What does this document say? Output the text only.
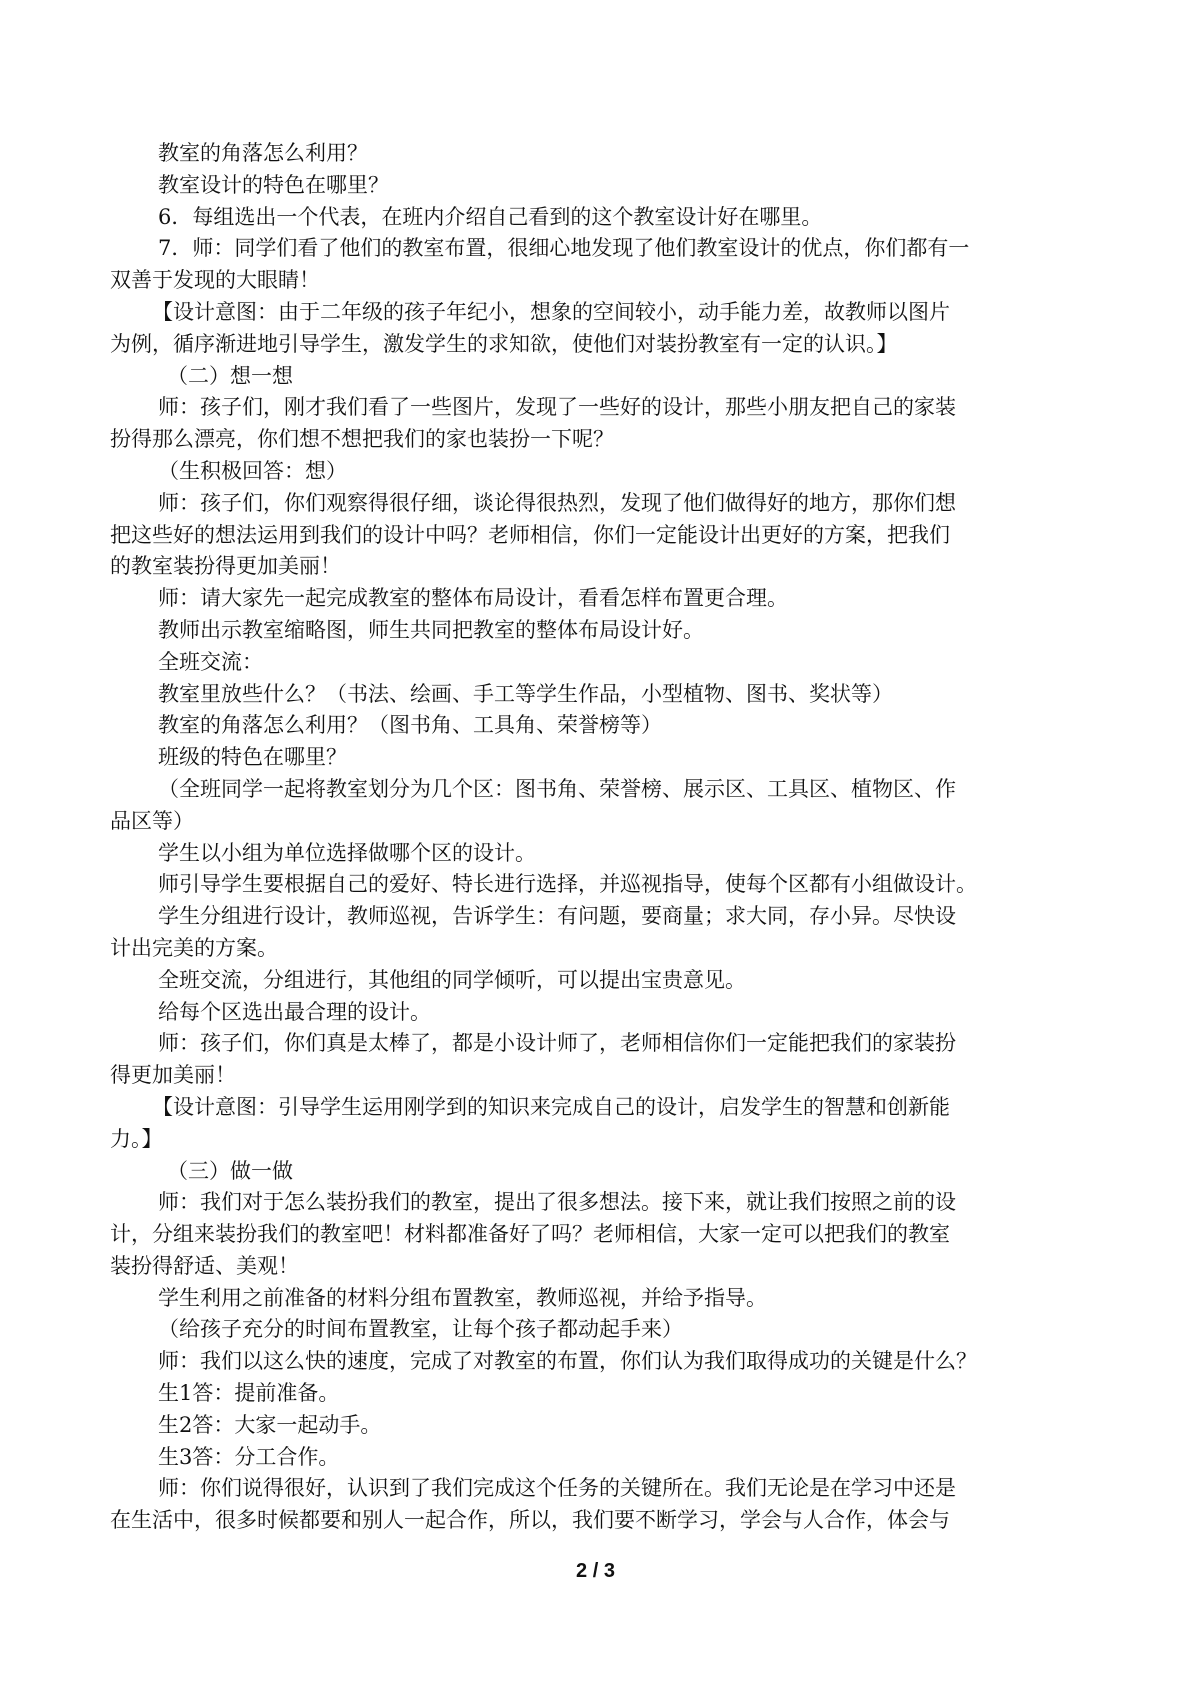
教室的角落怎么利用？
教室设计的特色在哪里？
6．每组选出一个代表，在班内介绍自己看到的这个教室设计好在哪里。
7．师：同学们看了他们的教室布置，很细心地发现了他们教室设计的优点，你们都有一
双善于发现的大眼睛！
【设计意图：由于二年级的孩子年纪小，想象的空间较小，动手能力差，故教师以图片
为例，循序渐进地引导学生，激发学生的求知欲，使他们对装扮教室有一定的认识。】
（二）想一想
师：孩子们，刚才我们看了一些图片，发现了一些好的设计，那些小朋友把自己的家装
扮得那么漂亮，你们想不想把我们的家也装扮一下呢？
（生积极回答：想）
师：孩子们，你们观察得很仔细，谈论得很热烈，发现了他们做得好的地方，那你们想
把这些好的想法运用到我们的设计中吗？老师相信，你们一定能设计出更好的方案，把我们
的教室装扮得更加美丽！
师：请大家先一起完成教室的整体布局设计，看看怎样布置更合理。
教师出示教室缩略图，师生共同把教室的整体布局设计好。
全班交流：
教室里放些什么？（书法、绘画、手工等学生作品，小型植物、图书、奖状等）
教室的角落怎么利用？（图书角、工具角、荣誉榜等）
班级的特色在哪里？
（全班同学一起将教室划分为几个区：图书角、荣誉榜、展示区、工具区、植物区、作
品区等）
学生以小组为单位选择做哪个区的设计。
师引导学生要根据自己的爱好、特长进行选择，并巡视指导，使每个区都有小组做设计。
学生分组进行设计，教师巡视，告诉学生：有问题，要商量；求大同，存小异。尽快设
计出完美的方案。
全班交流，分组进行，其他组的同学倾听，可以提出宝贵意见。
给每个区选出最合理的设计。
师：孩子们，你们真是太棒了，都是小设计师了，老师相信你们一定能把我们的家装扮
得更加美丽！
【设计意图：引导学生运用刚学到的知识来完成自己的设计，启发学生的智慧和创新能
力。】
（三）做一做
师：我们对于怎么装扮我们的教室，提出了很多想法。接下来，就让我们按照之前的设
计，分组来装扮我们的教室吧！材料都准备好了吗？老师相信，大家一定可以把我们的教室
装扮得舒适、美观！
学生利用之前准备的材料分组布置教室，教师巡视，并给予指导。
（给孩子充分的时间布置教室，让每个孩子都动起手来）
师：我们以这么快的速度，完成了对教室的布置，你们认为我们取得成功的关键是什么？
生1答：提前准备。
生2答：大家一起动手。
生3答：分工合作。
师：你们说得很好，认识到了我们完成这个任务的关键所在。我们无论是在学习中还是
在生活中，很多时候都要和别人一起合作，所以，我们要不断学习，学会与人合作，体会与
2 / 3
